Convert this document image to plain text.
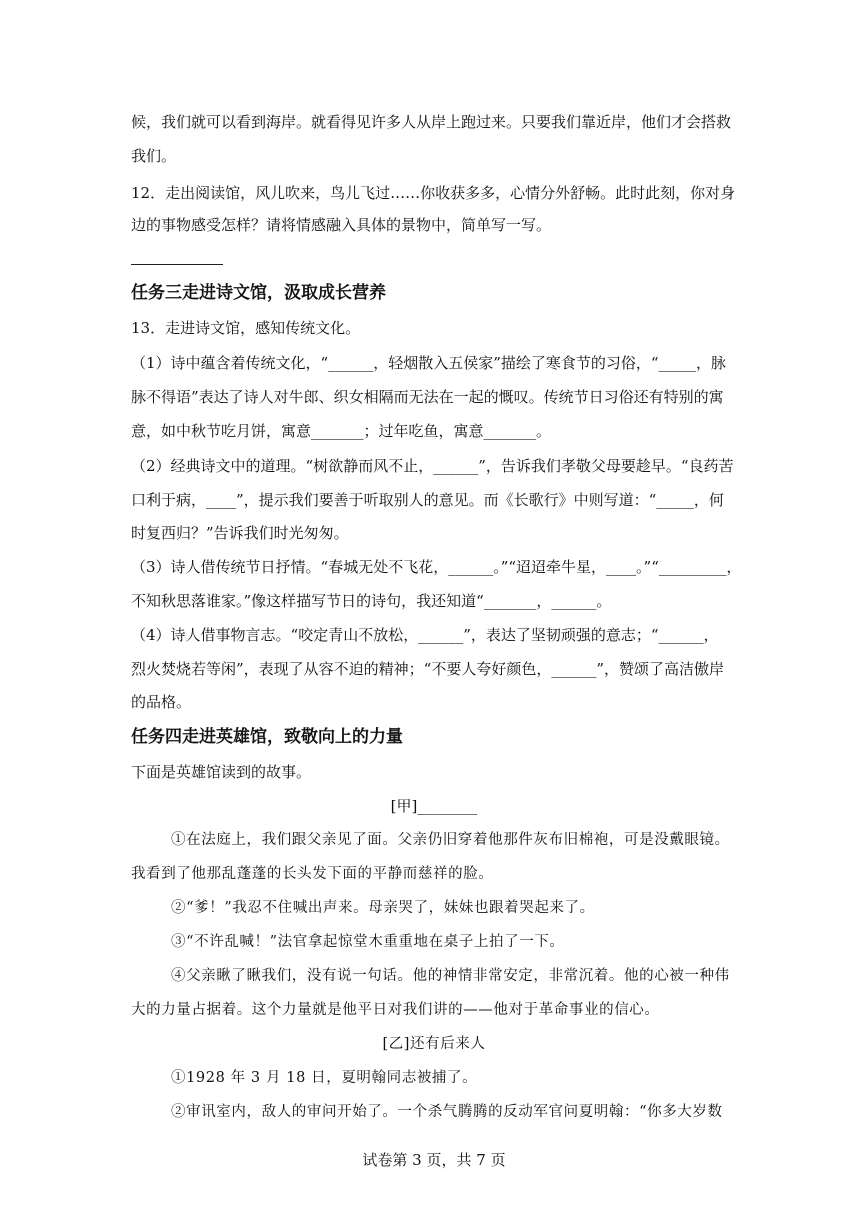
候，我们就可以看到海岸。就看得见许多人从岸上跑过来。只要我们靠近岸，他们才会搭救
我们。
12．走出阅读馆，风儿吹来，鸟儿飞过……你收获多多，心情分外舒畅。此时此刻，你对身
边的事物感受怎样？请将情感融入具体的景物中，简单写一写。
任务三走进诗文馆，汲取成长营养
13．走进诗文馆，感知传统文化。
（1）诗中蕴含着传统文化，“______，轻烟散入五侯家”描绘了寒食节的习俗，“_____，脉
脉不得语”表达了诗人对牛郎、织女相隔而无法在一起的慨叹。传统节日习俗还有特别的寓
意，如中秋节吃月饼，寓意_______；过年吃鱼，寓意_______。
（2）经典诗文中的道理。“树欲静而风不止，______”，告诉我们孝敬父母要趁早。“良药苦
口利于病，____”，提示我们要善于听取别人的意见。而《长歌行》中则写道：“_____，何
时复西归？”告诉我们时光匆匆。
（3）诗人借传统节日抒情。“春城无处不飞花，______。”“迢迢牵牛星，____。”“_________，
不知秋思落谁家。”像这样描写节日的诗句，我还知道“_______，______。
（4）诗人借事物言志。“咬定青山不放松，______”，表达了坚韧顽强的意志；“______，
烈火焚烧若等闲”，表现了从容不迫的精神；“不要人夸好颜色，______”，赞颂了高洁傲岸
的品格。
任务四走进英雄馆，致敬向上的力量
下面是英雄馆读到的故事。
[甲]________
①在法庭上，我们跟父亲见了面。父亲仍旧穿着他那件灰布旧棉袍，可是没戴眼镜。
我看到了他那乱蓬蓬的长头发下面的平静而慈祥的脸。
②“爹！”我忍不住喊出声来。母亲哭了，妹妹也跟着哭起来了。
③“不许乱喊！”法官拿起惊堂木重重地在桌子上拍了一下。
④父亲瞅了瞅我们，没有说一句话。他的神情非常安定，非常沉着。他的心被一种伟
大的力量占据着。这个力量就是他平日对我们讲的——他对于革命事业的信心。
[乙]还有后来人
①1928 年 3 月 18 日，夏明翰同志被捕了。
②审讯室内，敌人的审问开始了。一个杀气腾腾的反动军官问夏明翰：“你多大岁数
试卷第 3 页，共 7 页
